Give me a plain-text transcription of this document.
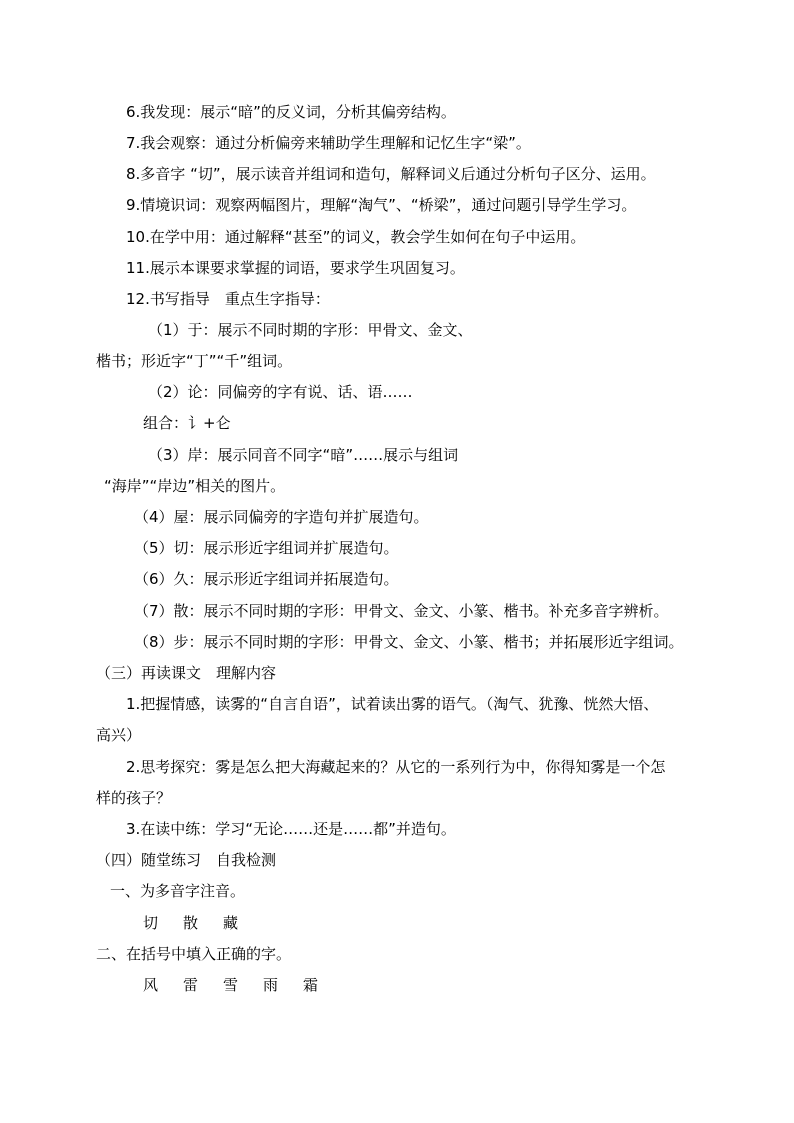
6.我发现：展示“暗”的反义词，分析其偏旁结构。
7.我会观察：通过分析偏旁来辅助学生理解和记忆生字“梁”。
8.多音字 “切”，展示读音并组词和造句，解释词义后通过分析句子区分、运用。
9.情境识词：观察两幅图片，理解“淘气”、“桥梁”，通过问题引导学生学习。
10.在学中用：通过解释“甚至”的词义，教会学生如何在句子中运用。
11.展示本课要求掌握的词语，要求学生巩固复习。
12.书写指导　重点生字指导：
（1）于：展示不同时期的字形：甲骨文、金文、
楷书；形近字“丁”“千”组词。
（2）论：同偏旁的字有说、话、语……
组合：讠+仑
（3）岸：展示同音不同字“暗”……展示与组词
“海岸”“岸边”相关的图片。
（4）屋：展示同偏旁的字造句并扩展造句。
（5）切：展示形近字组词并扩展造句。
（6）久：展示形近字组词并拓展造句。
（7）散：展示不同时期的字形：甲骨文、金文、小篆、楷书。补充多音字辨析。
（8）步：展示不同时期的字形：甲骨文、金文、小篆、楷书；并拓展形近字组词。
（三）再读课文　理解内容
1.把握情感，读雾的“自言自语”，试着读出雾的语气。（淘气、犹豫、恍然大悟、
高兴）
2.思考探究：雾是怎么把大海藏起来的？从它的一系列行为中，你得知雾是一个怎
样的孩子？
3.在读中练：学习“无论……还是……都”并造句。
（四）随堂练习　自我检测
一、为多音字注音。
切 散 藏
二、在括号中填入正确的字。
风 雷 雪 雨 霜
